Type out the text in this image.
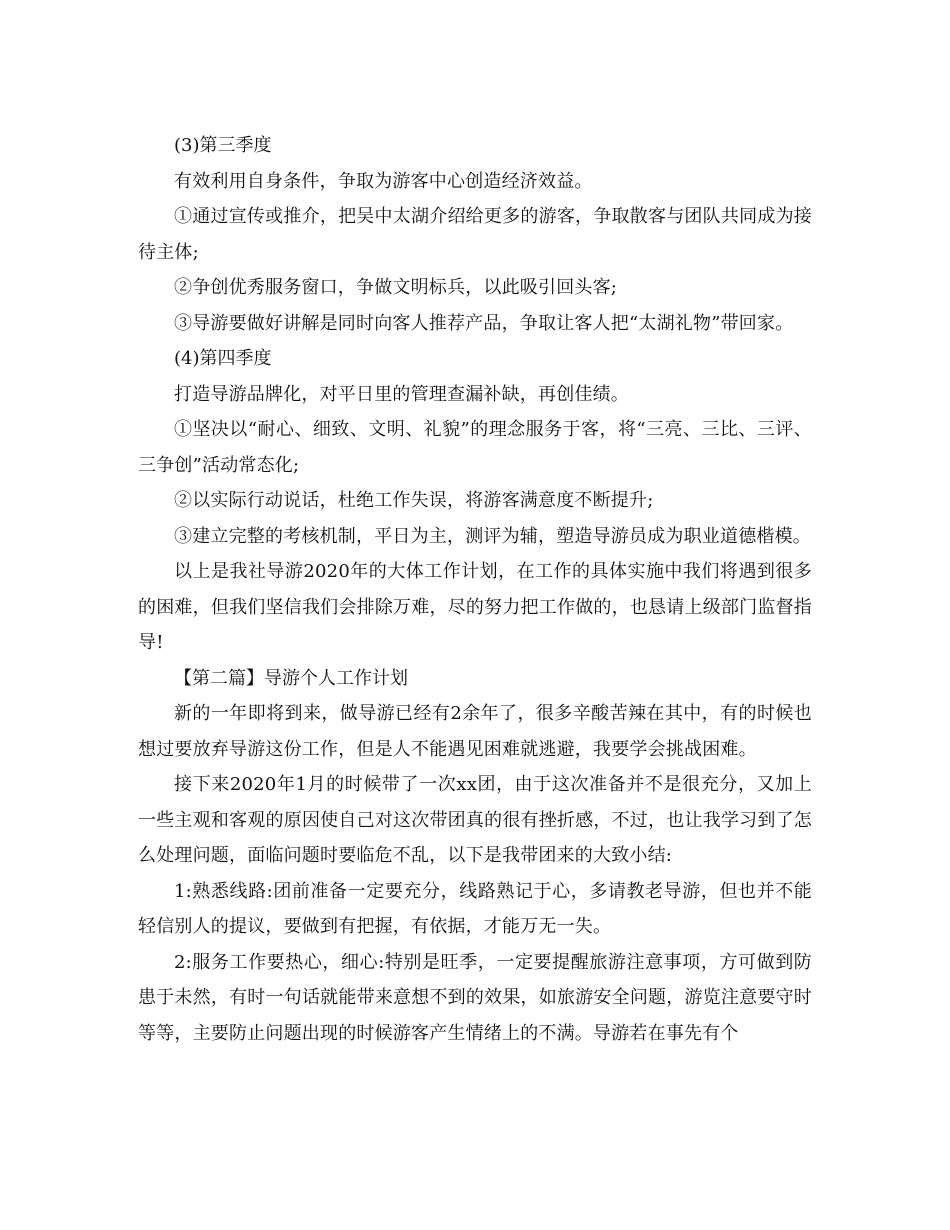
(3)第三季度

有效利用自身条件，争取为游客中心创造经济效益。

①通过宣传或推介，把吴中太湖介绍给更多的游客，争取散客与团队共同成为接待主体;

②争创优秀服务窗口，争做文明标兵，以此吸引回头客;

③导游要做好讲解是同时向客人推荐产品，争取让客人把“太湖礼物”带回家。

(4)第四季度

打造导游品牌化，对平日里的管理查漏补缺，再创佳绩。

①坚决以“耐心、细致、文明、礼貌”的理念服务于客，将“三亮、三比、三评、三争创”活动常态化;

②以实际行动说话，杜绝工作失误，将游客满意度不断提升;

③建立完整的考核机制，平日为主，测评为辅，塑造导游员成为职业道德楷模。

以上是我社导游2020年的大体工作计划，在工作的具体实施中我们将遇到很多的困难，但我们坚信我们会排除万难，尽的努力把工作做的，也恳请上级部门监督指导!

【第二篇】导游个人工作计划

新的一年即将到来，做导游已经有2余年了，很多辛酸苦辣在其中，有的时候也想过要放弃导游这份工作，但是人不能遇见困难就逃避，我要学会挑战困难。

接下来2020年1月的时候带了一次xx团，由于这次准备并不是很充分，又加上一些主观和客观的原因使自己对这次带团真的很有挫折感，不过，也让我学习到了怎么处理问题，面临问题时要临危不乱，以下是我带团来的大致小结:

1:熟悉线路:团前准备一定要充分，线路熟记于心，多请教老导游，但也并不能轻信别人的提议，要做到有把握，有依据，才能万无一失。

2:服务工作要热心，细心:特别是旺季，一定要提醒旅游注意事项，方可做到防患于未然，有时一句话就能带来意想不到的效果，如旅游安全问题，游览注意要守时等等，主要防止问题出现的时候游客产生情绪上的不满。导游若在事先有个
